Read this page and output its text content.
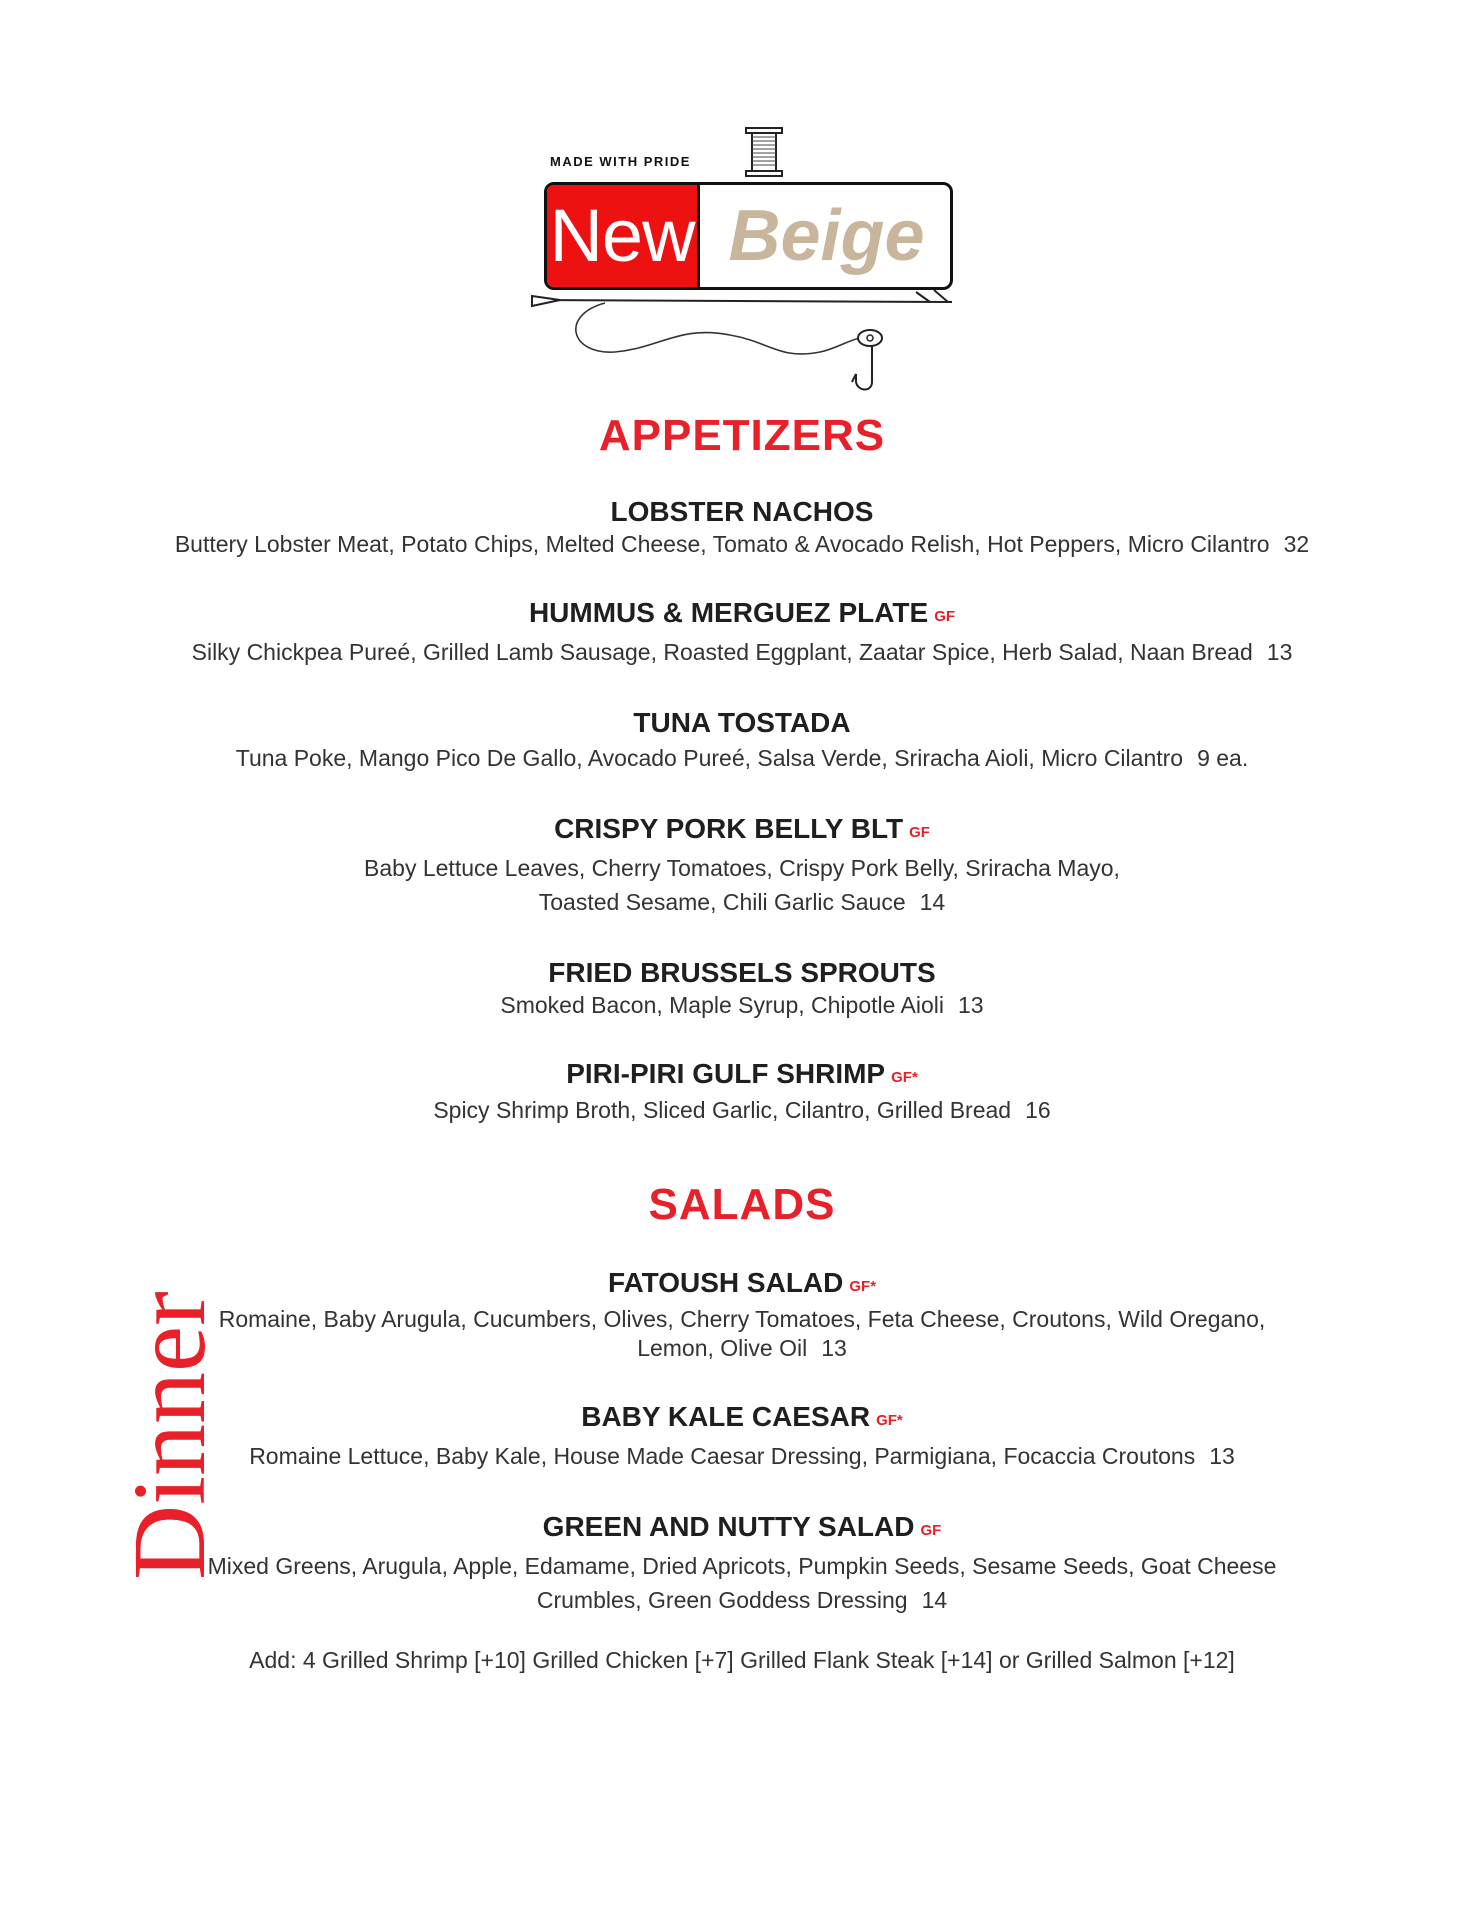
MADE WITH PRIDE
New Beige
Dinner
APPETIZERS
LOBSTER NACHOS
Buttery Lobster Meat, Potato Chips, Melted Cheese, Tomato & Avocado Relish, Hot Peppers, Micro Cilantro 32
HUMMUS & MERGUEZ PLATE GF
Silky Chickpea Pureé, Grilled Lamb Sausage, Roasted Eggplant, Zaatar Spice, Herb Salad, Naan Bread 13
TUNA TOSTADA
Tuna Poke, Mango Pico De Gallo, Avocado Pureé, Salsa Verde, Sriracha Aioli, Micro Cilantro 9 ea.
CRISPY PORK BELLY BLT GF
Baby Lettuce Leaves, Cherry Tomatoes, Crispy Pork Belly, Sriracha Mayo,
Toasted Sesame, Chili Garlic Sauce 14
FRIED BRUSSELS SPROUTS
Smoked Bacon, Maple Syrup, Chipotle Aioli 13
PIRI-PIRI GULF SHRIMP GF*
Spicy Shrimp Broth, Sliced Garlic, Cilantro, Grilled Bread 16
SALADS
FATOUSH SALAD GF*
Romaine, Baby Arugula, Cucumbers, Olives, Cherry Tomatoes, Feta Cheese, Croutons, Wild Oregano,
Lemon, Olive Oil 13
BABY KALE CAESAR GF*
Romaine Lettuce, Baby Kale, House Made Caesar Dressing, Parmigiana, Focaccia Croutons 13
GREEN AND NUTTY SALAD GF
Mixed Greens, Arugula, Apple, Edamame, Dried Apricots, Pumpkin Seeds, Sesame Seeds, Goat Cheese
Crumbles, Green Goddess Dressing 14
Add: 4 Grilled Shrimp [+10] Grilled Chicken [+7] Grilled Flank Steak [+14] or Grilled Salmon [+12]
